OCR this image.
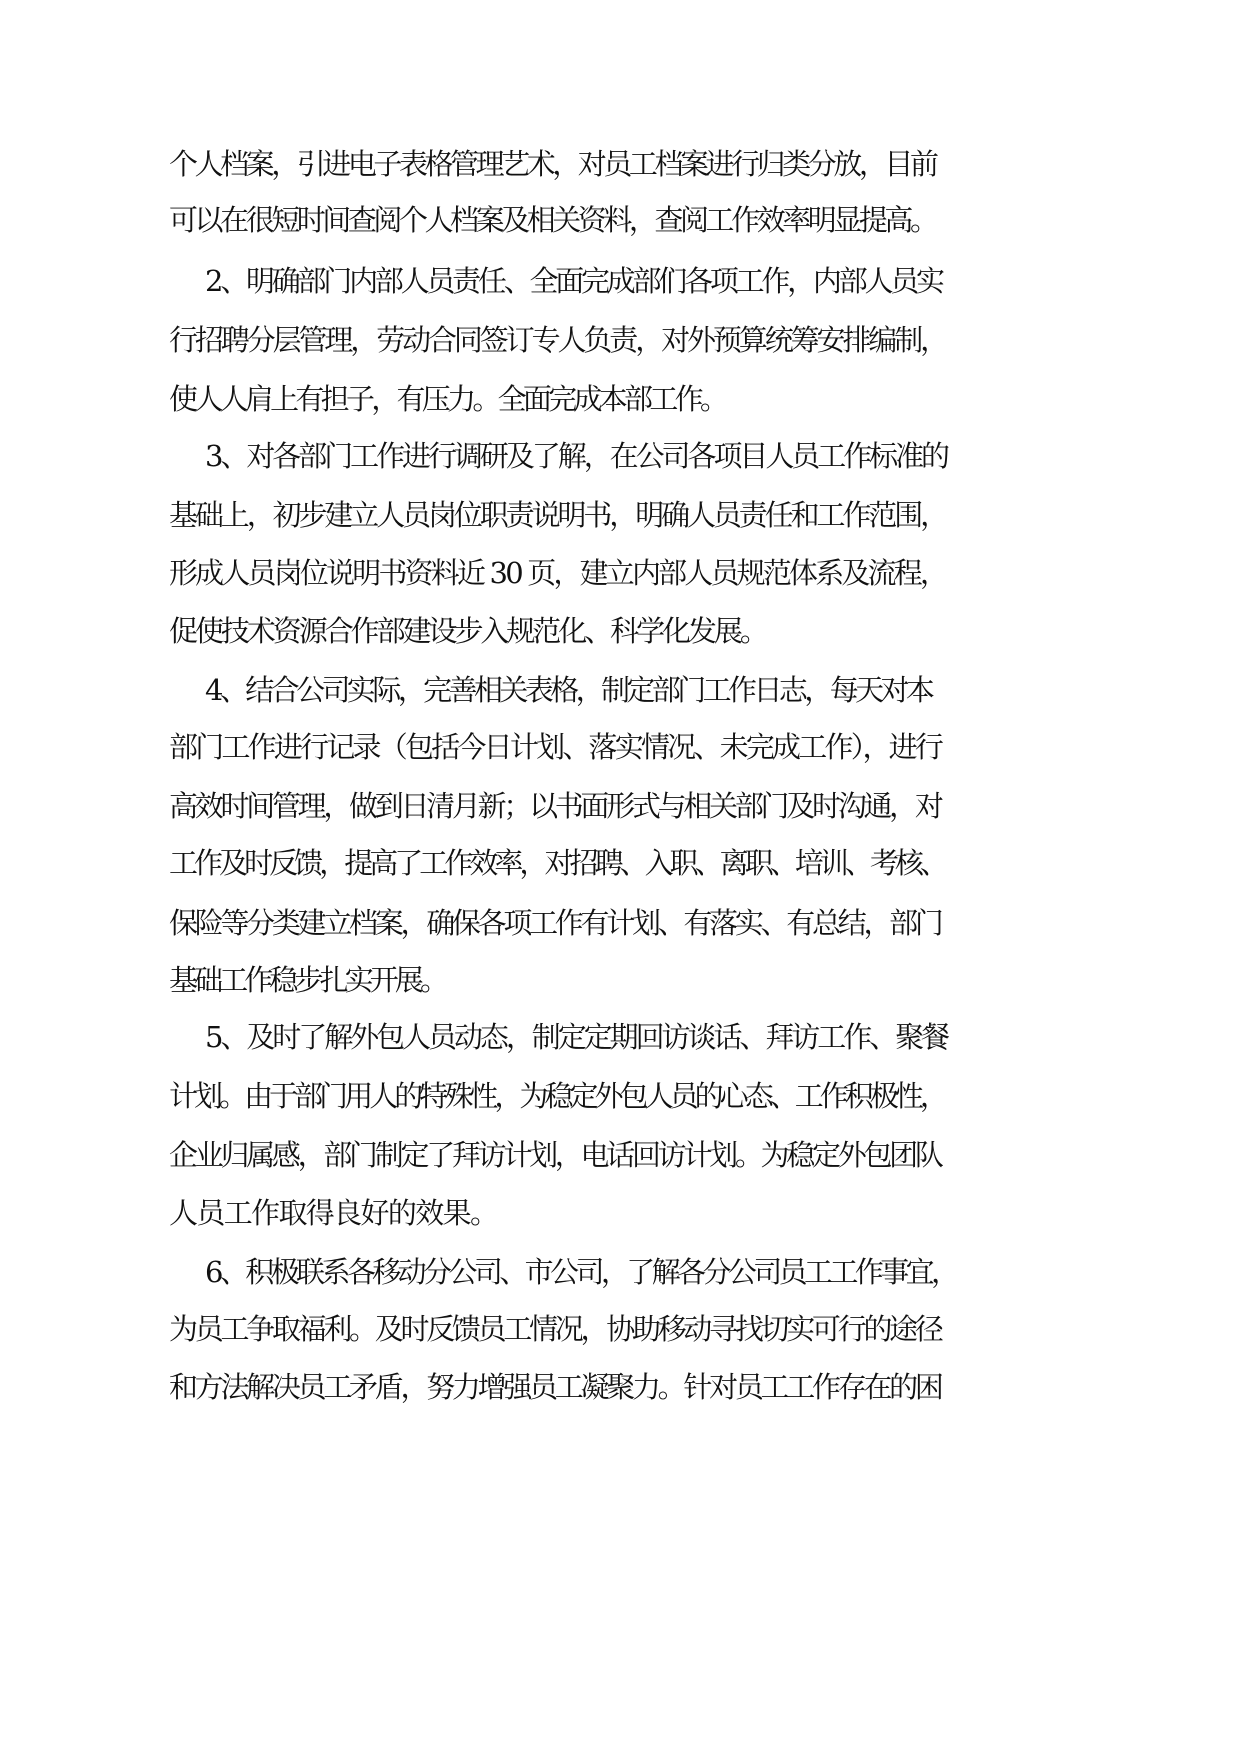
个人档案，引进电子表格管理艺术，对员工档案进行归类分放，目前
可以在很短时间查阅个人档案及相关资料，查阅工作效率明显提高。
2、明确部门内部人员责任、全面完成部们各项工作，内部人员实
行招聘分层管理，劳动合同签订专人负责，对外预算统筹安排编制，
使人人肩上有担子，有压力。全面完成本部工作。
3、对各部门工作进行调研及了解，在公司各项目人员工作标准的
基础上，初步建立人员岗位职责说明书，明确人员责任和工作范围，
形成人员岗位说明书资料近 30 页，建立内部人员规范体系及流程，
促使技术资源合作部建设步入规范化、科学化发展。
4、结合公司实际，完善相关表格，制定部门工作日志，每天对本
部门工作进行记录（包括今日计划、落实情况、未完成工作），进行
高效时间管理，做到日清月新；以书面形式与相关部门及时沟通，对
工作及时反馈，提高了工作效率，对招聘、入职、离职、培训、考核、
保险等分类建立档案，确保各项工作有计划、有落实、有总结，部门
基础工作稳步扎实开展。
5、及时了解外包人员动态，制定定期回访谈话、拜访工作、聚餐
计划。由于部门用人的特殊性，为稳定外包人员的心态、工作积极性，
企业归属感，部门制定了拜访计划，电话回访计划。为稳定外包团队
人员工作取得良好的效果。
6、积极联系各移动分公司、市公司，了解各分公司员工工作事宜，
为员工争取福利。及时反馈员工情况，协助移动寻找切实可行的途径
和方法解决员工矛盾，努力增强员工凝聚力。针对员工工作存在的困
